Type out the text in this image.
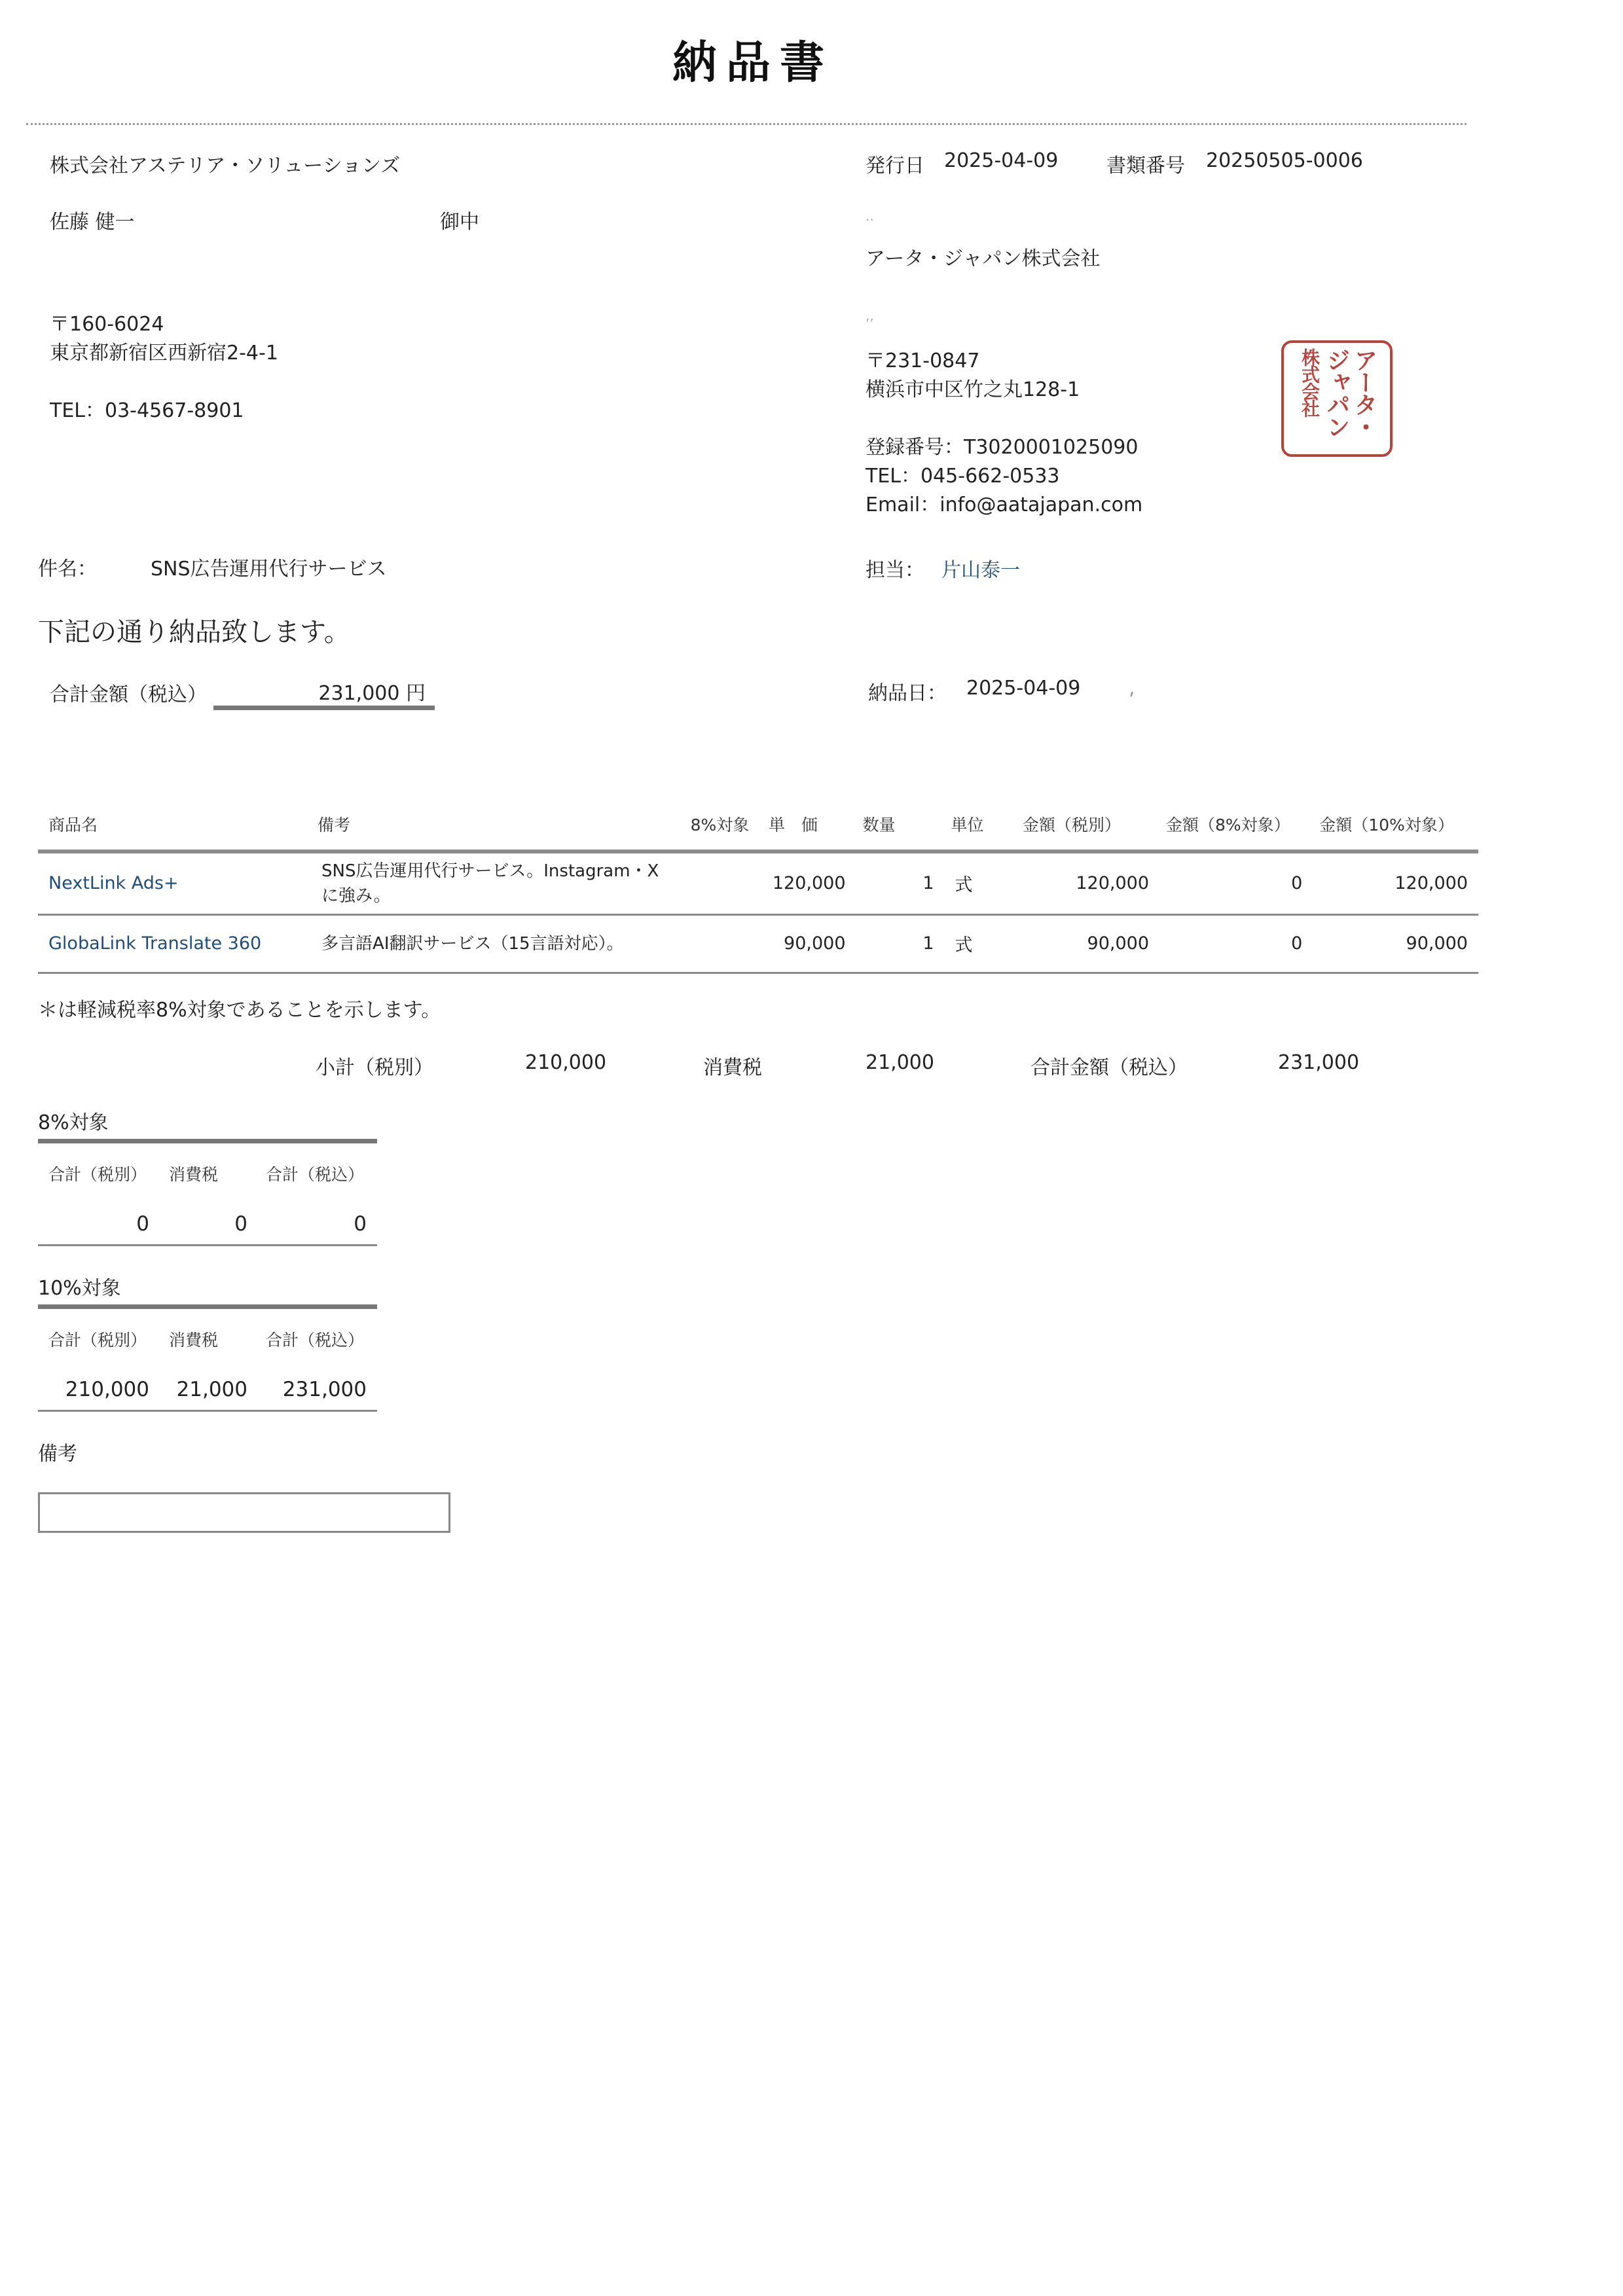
納品書
株式会社アステリア・ソリューションズ
佐藤 健一	御中
〒160-6024
東京都新宿区西新宿2-4-1
TEL：03-4567-8901
発行日 2025-04-09 書類番号 20250505-0006
..
アータ・ジャパン株式会社
,,
〒231-0847
横浜市中区竹之丸128-1
登録番号：T3020001025090
TEL：045-662-0533
Email：info@aatajapan.com
アータ・
ジャパン
株式会社
件名：	SNS広告運用代行サービス	担当： 片山泰一
下記の通り納品致します。
合計金額（税込）	231,000 円	納品日： 2025-04-09 ,
商品名	備考	8%対象	単　価	数量	単位	金額（税別）	金額（8%対象）	金額（10%対象）
NextLink Ads+	SNS広告運用代行サービス。Instagram・Xに強み。		120,000	1	式	120,000	0	120,000
GlobaLink Translate 360	多言語AI翻訳サービス（15言語対応）。		90,000	1	式	90,000	0	90,000
＊は軽減税率8%対象であることを示します。
小計（税別）	210,000	消費税	21,000	合計金額（税込）	231,000
8%対象
合計（税別）	消費税	合計（税込）
0	0	0
10%対象
合計（税別）	消費税	合計（税込）
210,000	21,000	231,000
備考
